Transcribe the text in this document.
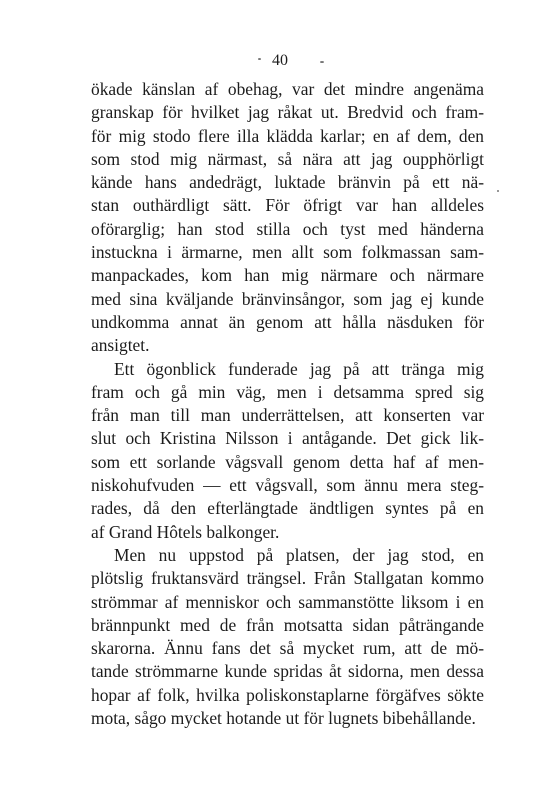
40
ökade känslan af obehag, var det mindre angenäma
granskap för hvilket jag råkat ut. Bredvid och fram-
för mig stodo flere illa klädda karlar; en af dem, den
som stod mig närmast, så nära att jag oupphörligt
kände hans andedrägt, luktade bränvin på ett nä-
stan outhärdligt sätt. För öfrigt var han alldeles
oförarglig; han stod stilla och tyst med händerna
instuckna i ärmarne, men allt som folkmassan sam-
manpackades, kom han mig närmare och närmare
med sina kväljande bränvinsångor, som jag ej kunde
undkomma annat än genom att hålla näsduken för
ansigtet.
Ett ögonblick funderade jag på att tränga mig
fram och gå min väg, men i detsamma spred sig
från man till man underrättelsen, att konserten var
slut och Kristina Nilsson i antågande. Det gick lik-
som ett sorlande vågsvall genom detta haf af men-
niskohufvuden — ett vågsvall, som ännu mera steg-
rades, då den efterlängtade ändtligen syntes på en
af Grand Hôtels balkonger.
Men nu uppstod på platsen, der jag stod, en
plötslig fruktansvärd trängsel. Från Stallgatan kommo
strömmar af menniskor och sammanstötte liksom i en
brännpunkt med de från motsatta sidan påträngande
skarorna. Ännu fans det så mycket rum, att de mö-
tande strömmarne kunde spridas åt sidorna, men dessa
hopar af folk, hvilka poliskonstaplarne förgäfves sökte
mota, sågo mycket hotande ut för lugnets bibehållande.
